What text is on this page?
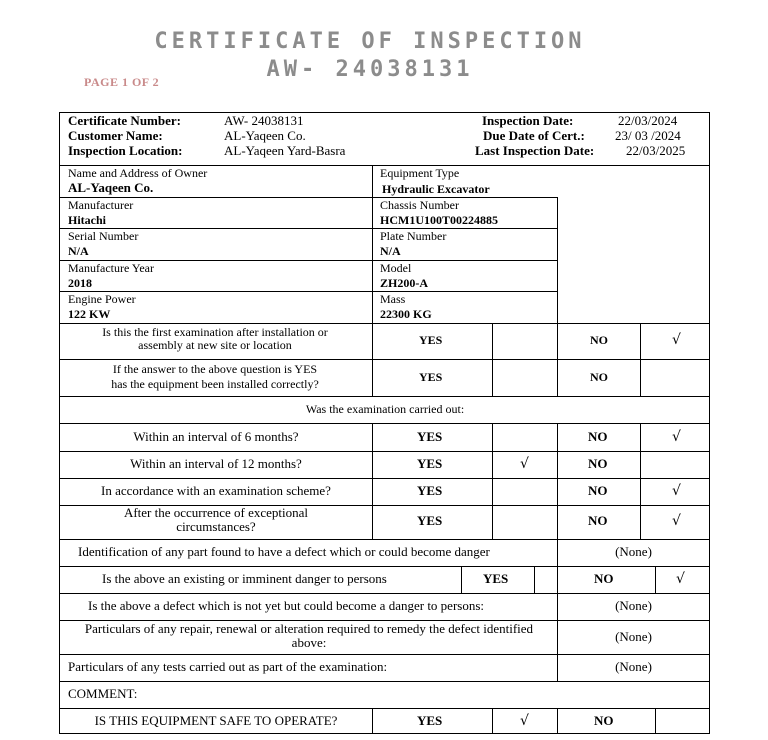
CERTIFICATE OF INSPECTION
AW- 24038131
PAGE 1 OF 2
Certificate Number:	AW- 24038131
Customer Name:	AL-Yaqeen Co.
Inspection Location:	AL-Yaqeen Yard-Basra
Inspection Date:	22/03/2024
Due Date of Cert.: 23/ 03 /2024
Last Inspection Date: 22/03/2025
Name and Address of Owner
AL-Yaqeen Co.
Equipment Type
Hydraulic Excavator
Manufacturer
Hitachi
Chassis Number
HCM1U100T00224885
Serial Number
N/A
Plate Number
N/A
Manufacture Year
2018
Model
ZH200-A
Engine Power
122 KW
Mass
22300 KG
Is this the first examination after installation or assembly at new site or location	YES	NO	√
If the answer to the above question is YES
has the equipment been installed correctly?	YES	NO
Was the examination carried out:
Within an interval of 6 months?	YES	NO	√
Within an interval of 12 months?	YES	√	NO
In accordance with an examination scheme?	YES	NO	√
After the occurrence of exceptional circumstances?	YES	NO	√
Identification of any part found to have a defect which or could become danger	(None)
Is the above an existing or imminent danger to persons	YES	NO	√
Is the above a defect which is not yet but could become a danger to persons:	(None)
Particulars of any repair, renewal or alteration required to remedy the defect identified above:	(None)
Particulars of any tests carried out as part of the examination:	(None)
COMMENT:
IS THIS EQUIPMENT SAFE TO OPERATE?	YES	√	NO
